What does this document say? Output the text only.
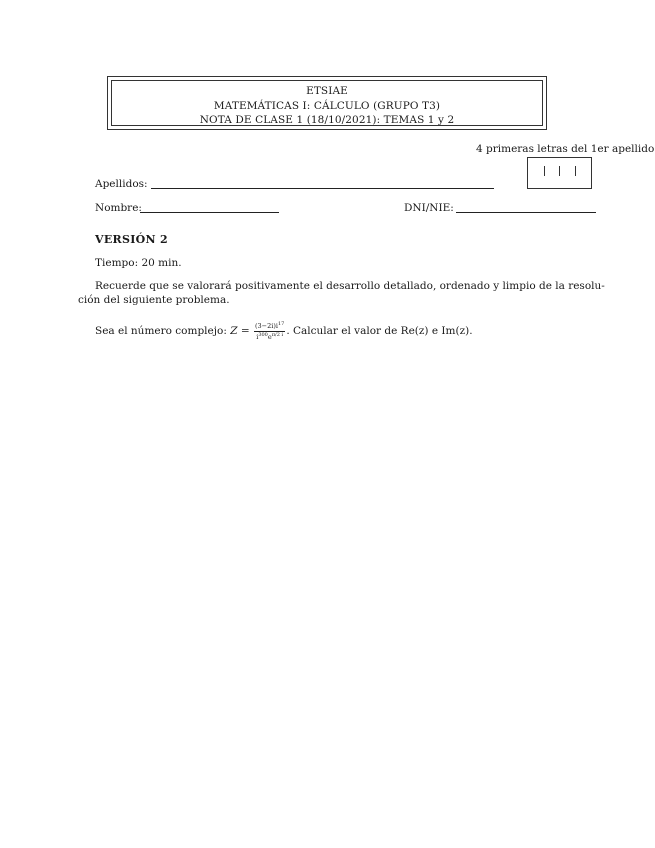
ETSIAE
MATEMÁTICAS I: CÁLCULO (GRUPO T3)
NOTA DE CLASE 1 (18/10/2021): TEMAS 1 y 2
4 primeras letras del 1er apellido
Apellidos:
Nombre:	DNI/NIE:
VERSIÓN 2
Tiempo: 20 min.
Recuerde que se valorará positivamente el desarrollo detallado, ordenado y limpio de la resolu-
ción del siguiente problema.
Sea el número complejo: $Z = \frac{(3-2i)i^{17}}{i^{300}e^{\pi/2 i}}$ . Calcular el valor de Re(z) e Im(z).
